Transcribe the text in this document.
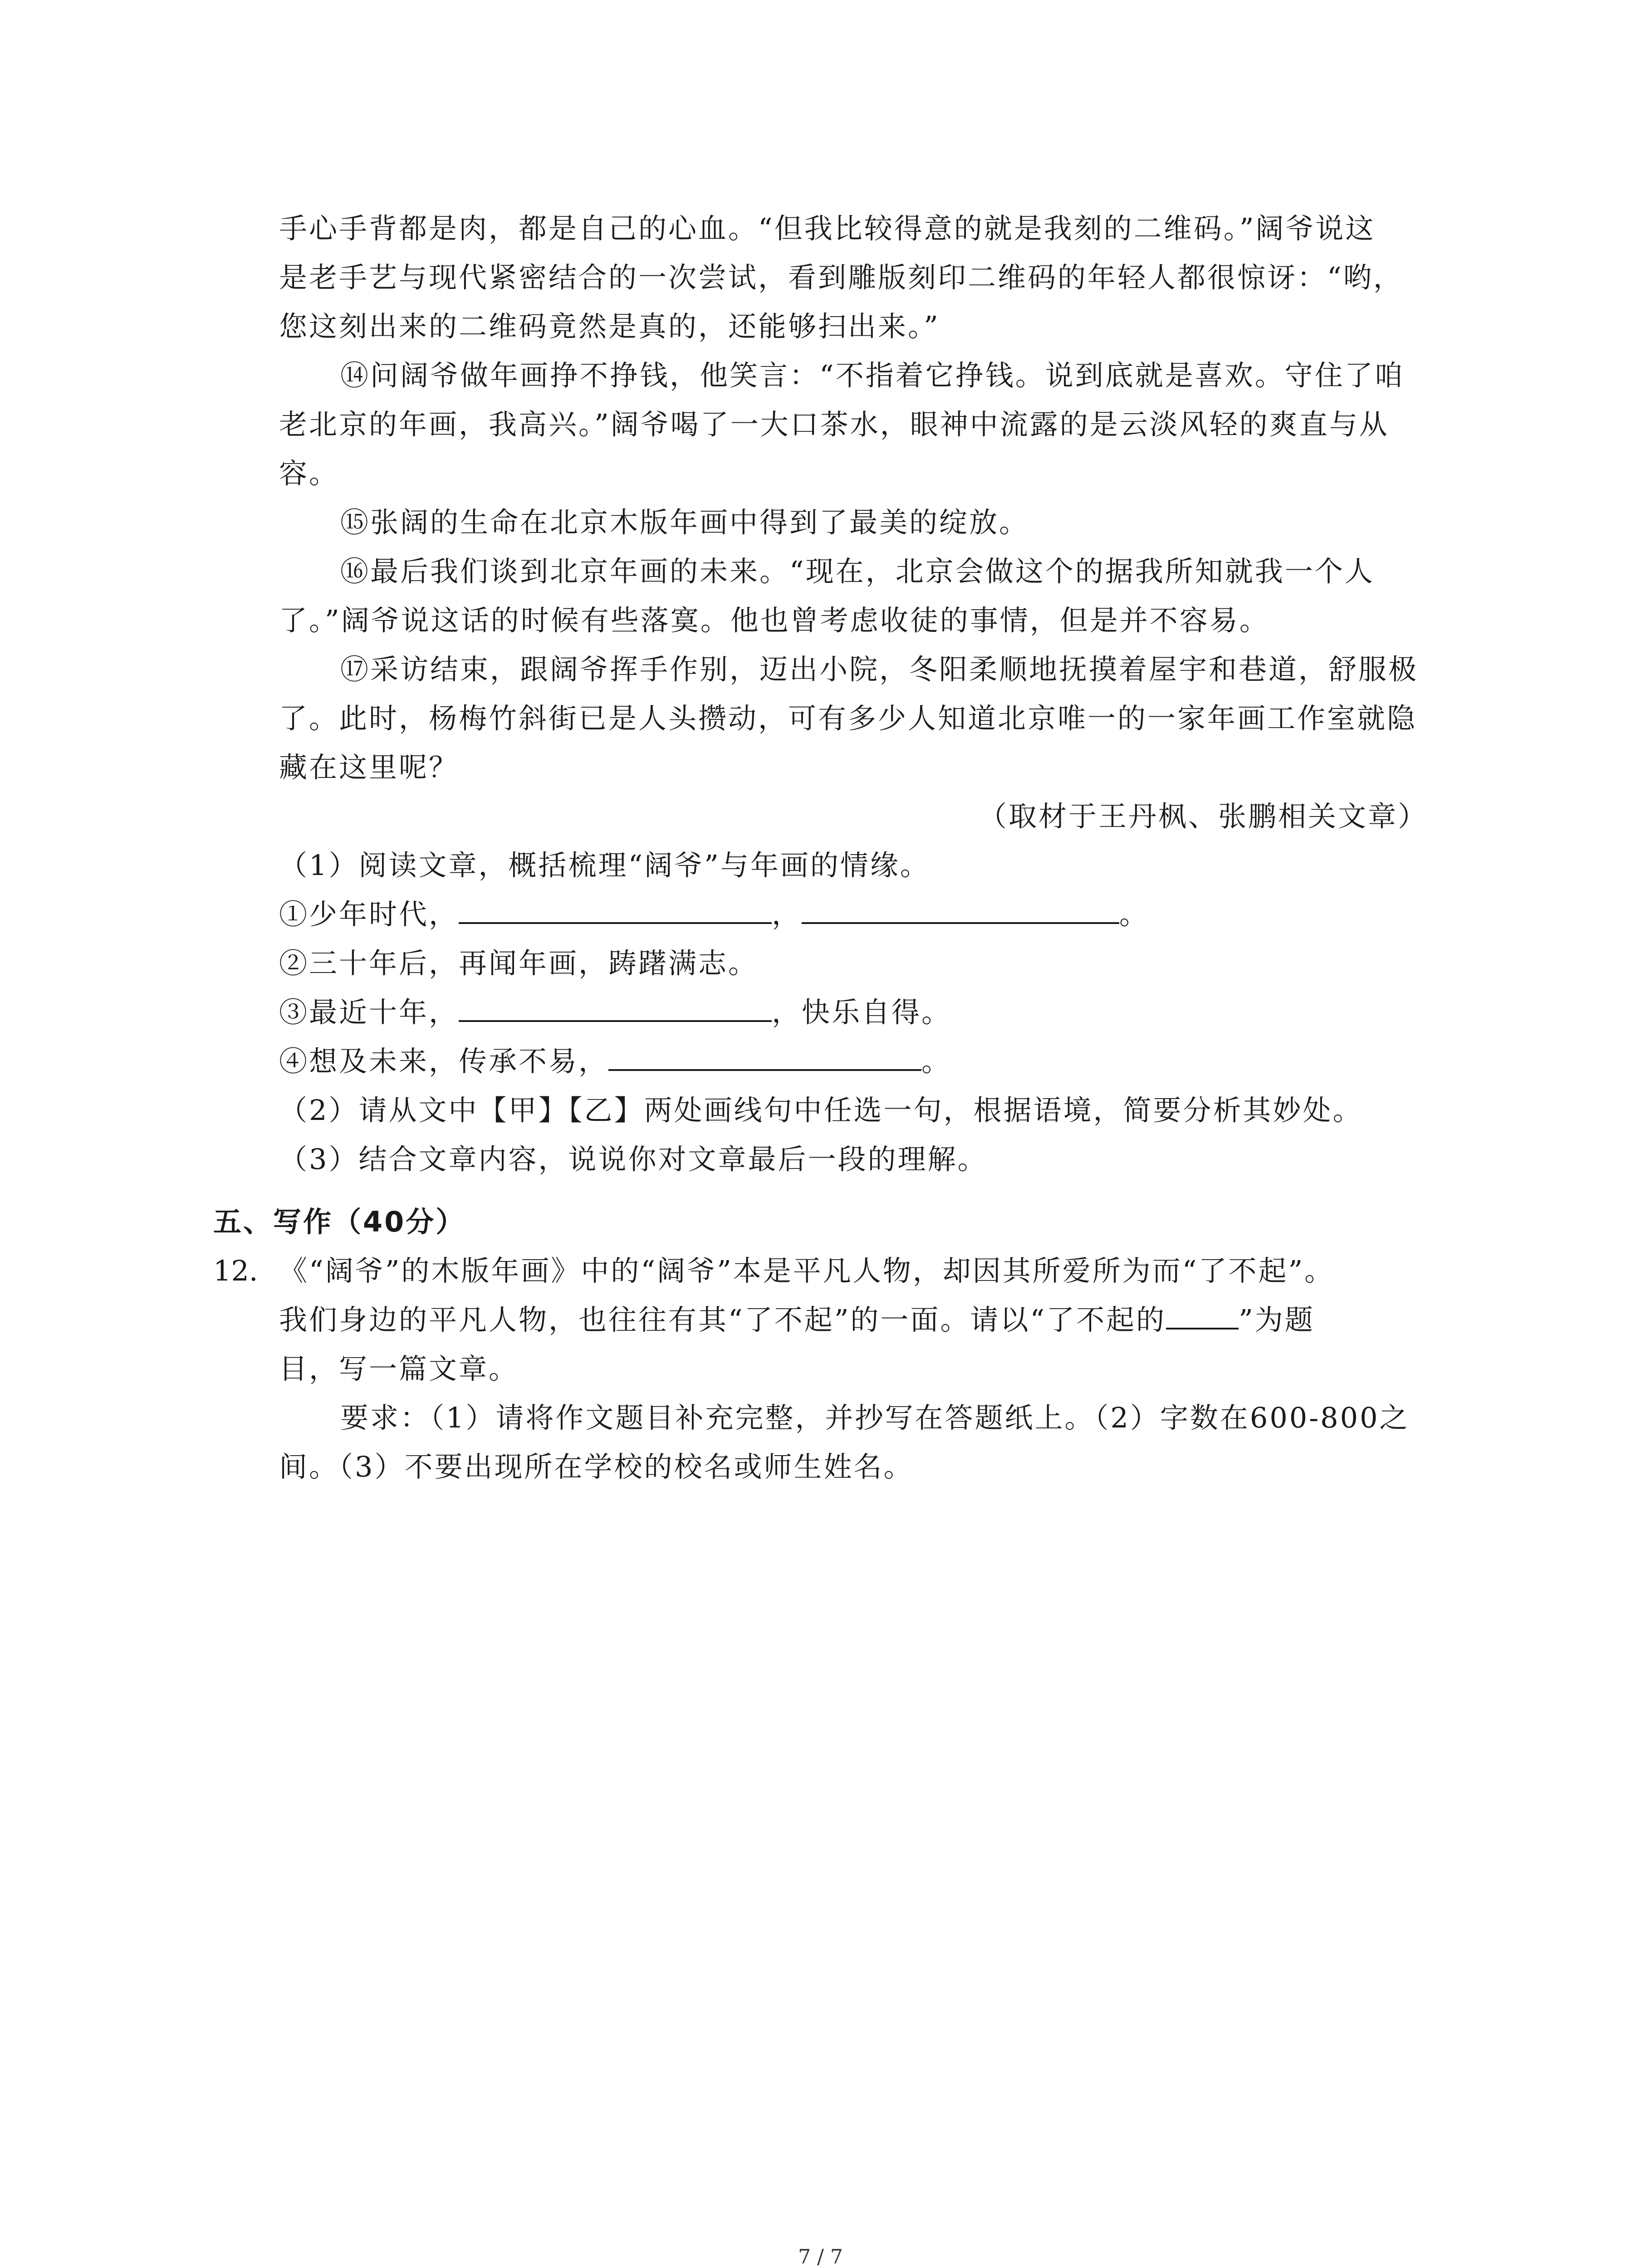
手心手背都是肉，都是自己的心血。“但我比较得意的就是我刻的二维码。”阔爷说这
是老手艺与现代紧密结合的一次尝试，看到雕版刻印二维码的年轻人都很惊讶：“哟，
您这刻出来的二维码竟然是真的，还能够扫出来。”
⑭问阔爷做年画挣不挣钱，他笑言：“不指着它挣钱。说到底就是喜欢。守住了咱
老北京的年画，我高兴。”阔爷喝了一大口茶水，眼神中流露的是云淡风轻的爽直与从
容。
⑮张阔的生命在北京木版年画中得到了最美的绽放。
⑯最后我们谈到北京年画的未来。“现在，北京会做这个的据我所知就我一个人
了。”阔爷说这话的时候有些落寞。他也曾考虑收徒的事情，但是并不容易。
⑰采访结束，跟阔爷挥手作别，迈出小院，冬阳柔顺地抚摸着屋宇和巷道，舒服极
了。此时，杨梅竹斜街已是人头攒动，可有多少人知道北京唯一的一家年画工作室就隐
藏在这里呢？
（取材于王丹枫、张鹏相关文章）
（1）阅读文章，概括梳理“阔爷”与年画的情缘。
①少年时代，	，	。
②三十年后，再闻年画，踌躇满志。
③最近十年，	，快乐自得。
④想及未来，传承不易，	。
（2）请从文中【甲】【乙】两处画线句中任选一句，根据语境，简要分析其妙处。
（3）结合文章内容，说说你对文章最后一段的理解。
五、写作（40分）
12. 《“阔爷”的木版年画》中的“阔爷”本是平凡人物，却因其所爱所为而“了不起”。
我们身边的平凡人物，也往往有其“了不起”的一面。请以“了不起的	”为题
目，写一篇文章。
要求：（1）请将作文题目补充完整，并抄写在答题纸上。（2）字数在600-800之
间。（3）不要出现所在学校的校名或师生姓名。
7 / 7
